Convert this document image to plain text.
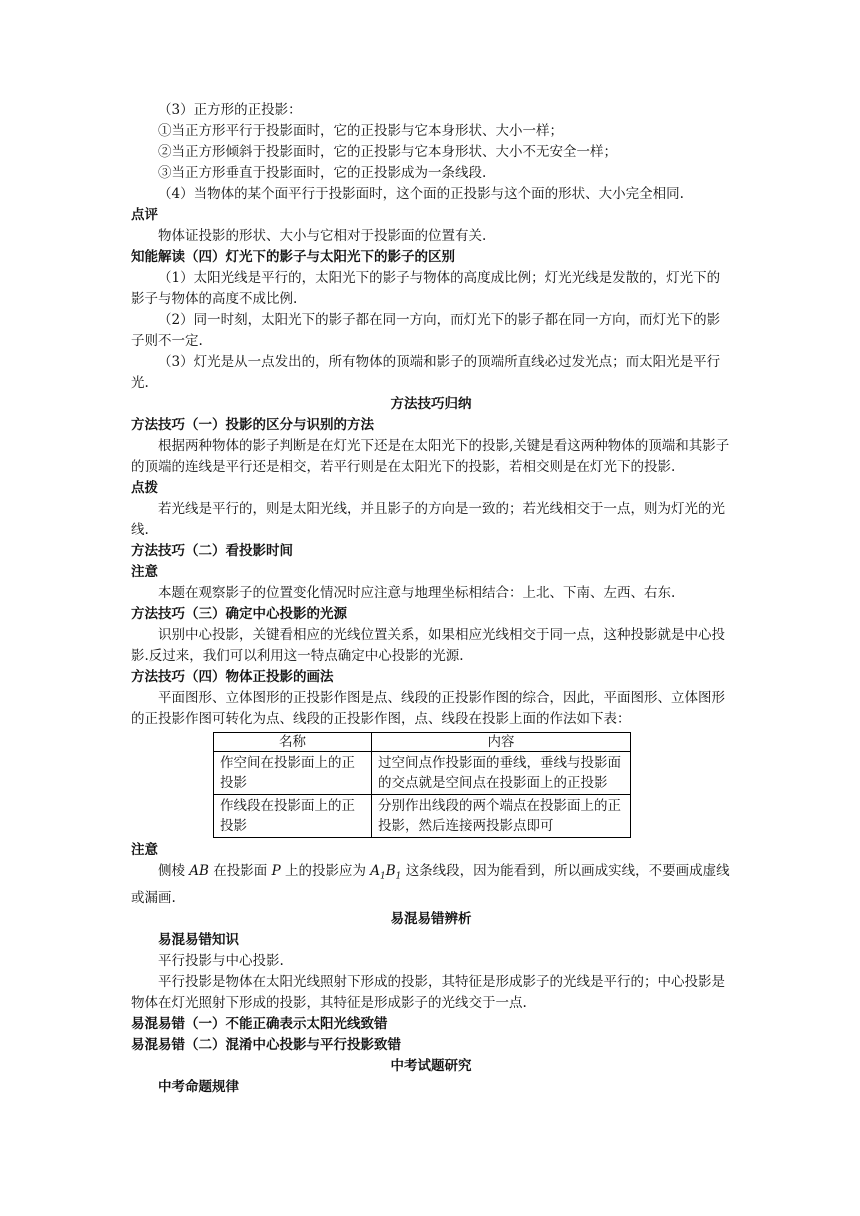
（3）正方形的正投影：
①当正方形平行于投影面时，它的正投影与它本身形状、大小一样；
②当正方形倾斜于投影面时，它的正投影与它本身形状、大小不无安全一样；
③当正方形垂直于投影面时，它的正投影成为一条线段.
（4）当物体的某个面平行于投影面时，这个面的正投影与这个面的形状、大小完全相同.
点评
物体证投影的形状、大小与它相对于投影面的位置有关.
知能解读（四）灯光下的影子与太阳光下的影子的区别
（1）太阳光线是平行的，太阳光下的影子与物体的高度成比例；灯光光线是发散的，灯光下的影子与物体的高度不成比例.
（2）同一时刻，太阳光下的影子都在同一方向，而灯光下的影子都在同一方向，而灯光下的影子则不一定.
（3）灯光是从一点发出的，所有物体的顶端和影子的顶端所直线必过发光点；而太阳光是平行光.
方法技巧归纳
方法技巧（一）投影的区分与识别的方法
根据两种物体的影子判断是在灯光下还是在太阳光下的投影,关键是看这两种物体的顶端和其影子的顶端的连线是平行还是相交，若平行则是在太阳光下的投影，若相交则是在灯光下的投影.
点拨
若光线是平行的，则是太阳光线，并且影子的方向是一致的；若光线相交于一点，则为灯光的光线.
方法技巧（二）看投影时间
注意
本题在观察影子的位置变化情况时应注意与地理坐标相结合：上北、下南、左西、右东.
方法技巧（三）确定中心投影的光源
识别中心投影，关键看相应的光线位置关系，如果相应光线相交于同一点，这种投影就是中心投影.反过来，我们可以利用这一特点确定中心投影的光源.
方法技巧（四）物体正投影的画法
平面图形、立体图形的正投影作图是点、线段的正投影作图的综合，因此，平面图形、立体图形的正投影作图可转化为点、线段的正投影作图，点、线段在投影上面的作法如下表：
名称	内容
作空间在投影面上的正投影	过空间点作投影面的垂线，垂线与投影面的交点就是空间点在投影面上的正投影
作线段在投影面上的正投影	分别作出线段的两个端点在投影面上的正投影，然后连接两投影点即可
注意
侧棱 AB 在投影面 P 上的投影应为 $A_1B_1$ 这条线段，因为能看到，所以画成实线，不要画成虚线或漏画.
易混易错辨析
易混易错知识
平行投影与中心投影.
平行投影是物体在太阳光线照射下形成的投影，其特征是形成影子的光线是平行的；中心投影是物体在灯光照射下形成的投影，其特征是形成影子的光线交于一点.
易混易错（一）不能正确表示太阳光线致错
易混易错（二）混淆中心投影与平行投影致错
中考试题研究
中考命题规律
